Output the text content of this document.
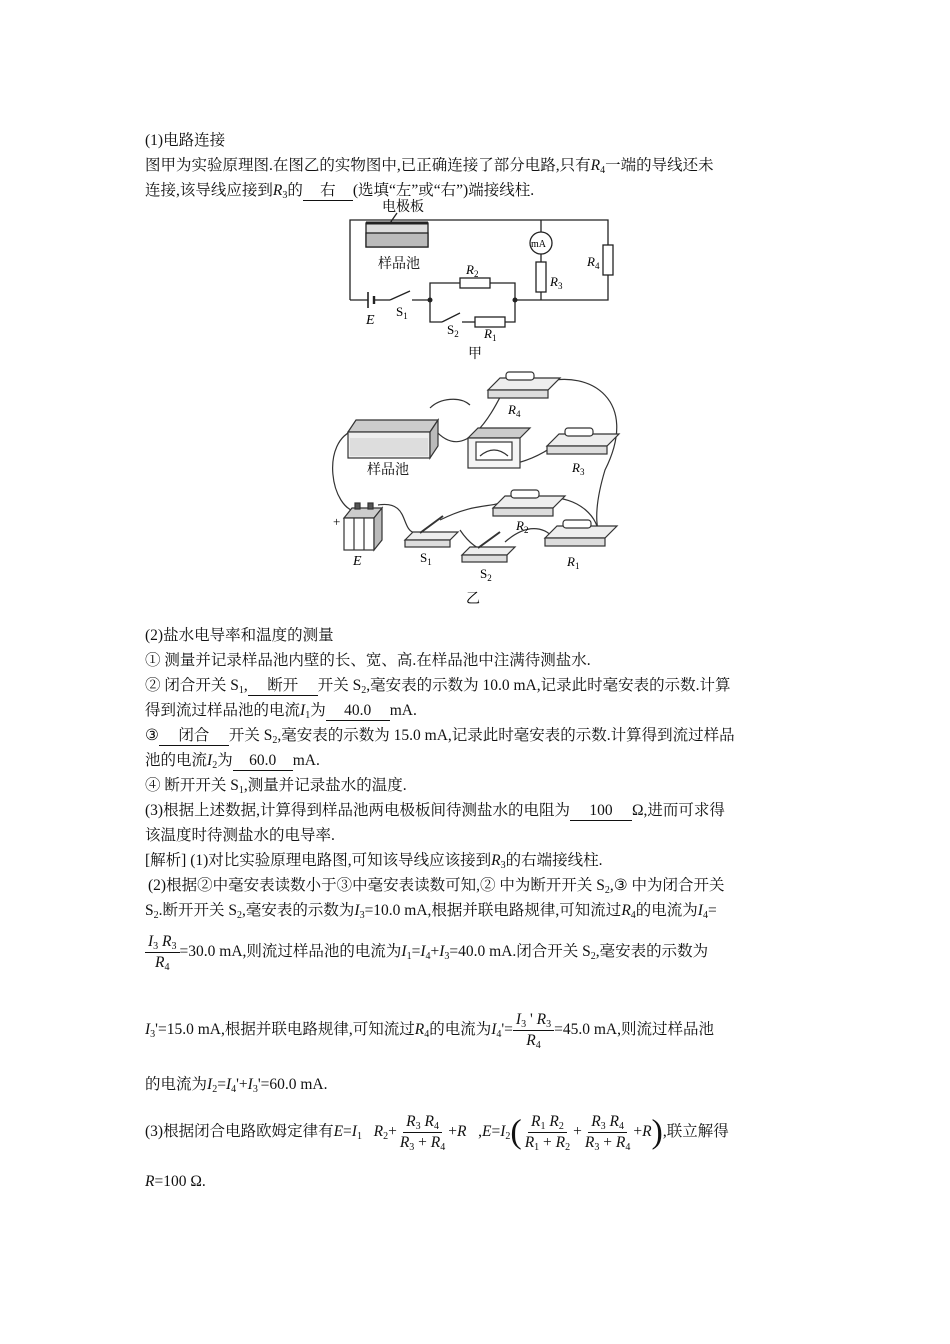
(1)电路连接
图甲为实验原理图.在图乙的实物图中,已正确连接了部分电路,只有$R_4$一端的导线还未
连接,该导线应接到$R_3$的 右 (选填“左”或“右”)端接线柱.
电极板
样品池
mA
$R_2$
$R_1$
$R_3$
$R_4$
E
$S_1$
$S_2$
甲
样品池
+
E
$R_4$
$R_3$
$R_2$
$R_1$
$S_1$
$S_2$
乙
(2)盐水电导率和温度的测量
① 测量并记录样品池内壁的长、宽、高.在样品池中注满待测盐水.
② 闭合开关 $S_1$, 断开 开关 $S_2$,毫安表的示数为 10.0 mA,记录此时毫安表的示数.计算
得到流过样品池的电流$I_1$为 40.0 mA.
③ 闭合 开关 $S_2$,毫安表的示数为 15.0 mA,记录此时毫安表的示数.计算得到流过样品
池的电流$I_2$为 60.0 mA.
④ 断开开关 $S_1$,测量并记录盐水的温度.
(3)根据上述数据,计算得到样品池两电极板间待测盐水的电阻为 100 Ω,进而可求得
该温度时待测盐水的电导率.
[解析] (1)对比实验原理电路图,可知该导线应该接到$R_3$的右端接线柱.
(2)根据②中毫安表读数小于③中毫安表读数可知,② 中为断开开关 $S_2,③$ 中为闭合开关
$S_2$.断开开关 $S_2$,毫安表的示数为$I_3=10.0$ mA,根据并联电路规律,可知流过$R_4$的电流为$I_4=$
$\frac{I_3 R_3}{R_4} =30.0$ mA,则流过样品池的电流为$I_1=I_4+I_3=40.0$ mA.闭合开关 $S_2$,毫安表的示数为
$I_3'=15.0$ mA,根据并联电路规律,可知流过$R_4$的电流为$I_4'= \frac{I_3 ' R_3}{R_4} =45.0$ mA,则流过样品池
的电流为$I_2=I_4'+I_3'=60.0$ mA.
(3)根据闭合电路欧姆定律有$E=I_1$ $R_2+ \frac{R_3 R_4}{R_3 + R_4} +R$   $,E=I_2( \frac{R_1 R_2}{R_1 + R_2} + \frac{R_3 R_4}{R_3 + R_4} +R)$,联立解得
R=100 Ω.
